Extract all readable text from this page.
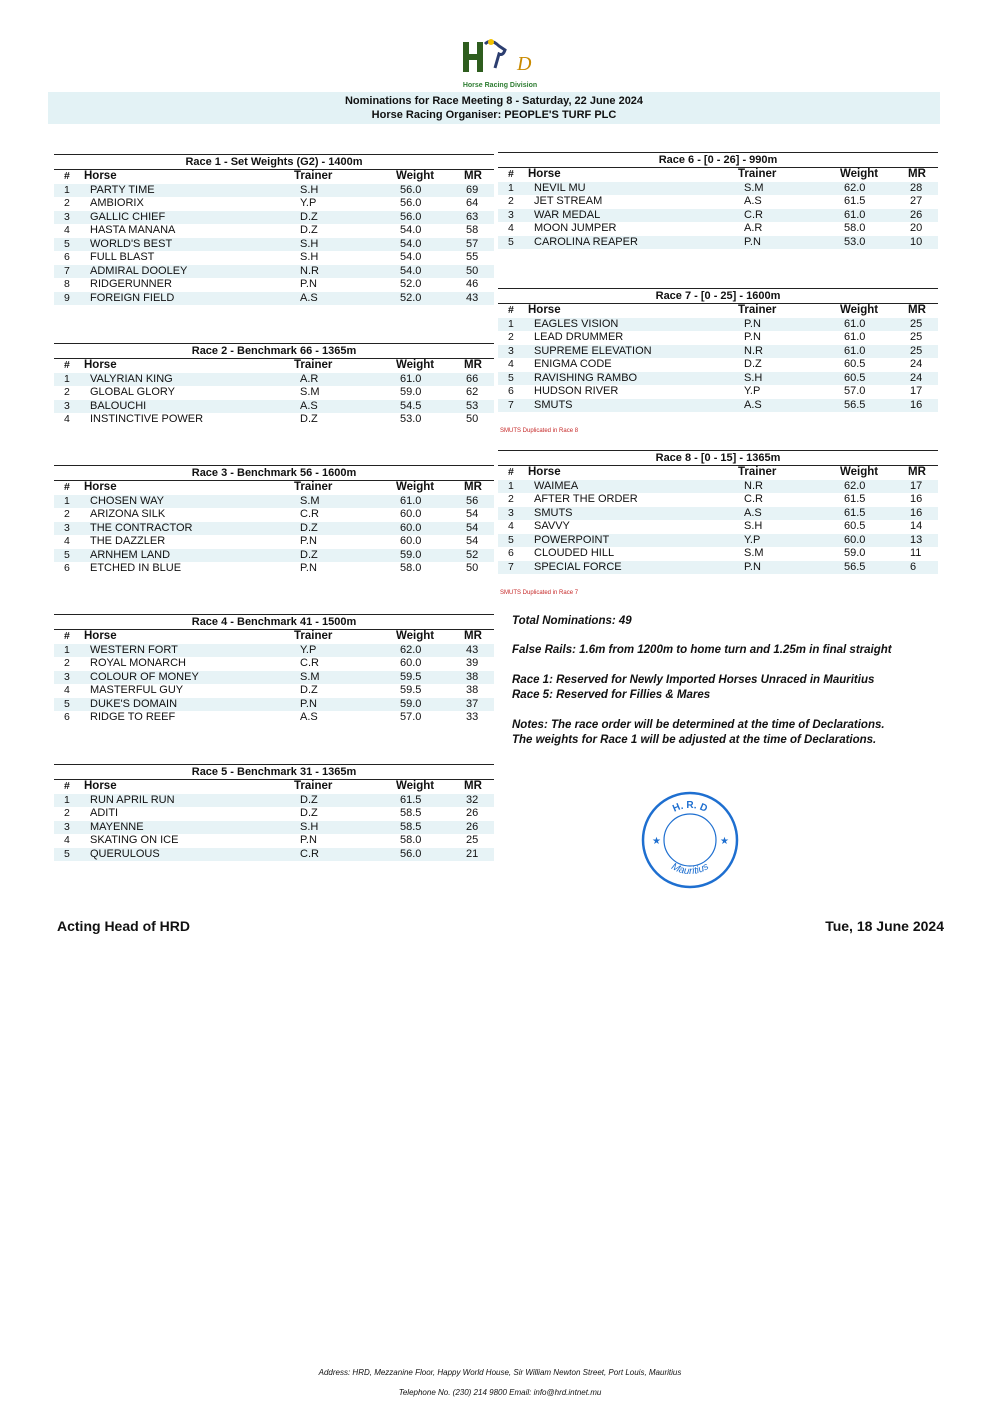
D
Horse Racing Division
Nominations for Race Meeting 8 - Saturday, 22 June 2024
Horse Racing Organiser: PEOPLE'S TURF PLC
Race 1 - Set Weights (G2) - 1400m
# Horse	Trainer	Weight	MR
1 PARTY TIME	S.H	56.0	69
2 AMBIORIX	Y.P	56.0	64
3 GALLIC CHIEF	D.Z	56.0	63
4 HASTA MANANA	D.Z	54.0	58
5 WORLD'S BEST	S.H	54.0	57
6 FULL BLAST	S.H	54.0	55
7 ADMIRAL DOOLEY	N.R	54.0	50
8 RIDGERUNNER	P.N	52.0	46
9 FOREIGN FIELD	A.S	52.0	43
Race 2 - Benchmark 66 - 1365m
# Horse	Trainer	Weight	MR
1 VALYRIAN KING	A.R	61.0	66
2 GLOBAL GLORY	S.M	59.0	62
3 BALOUCHI	A.S	54.5	53
4 INSTINCTIVE POWER	D.Z	53.0	50
Race 3 - Benchmark 56 - 1600m
# Horse	Trainer	Weight	MR
1 CHOSEN WAY	S.M	61.0	56
2 ARIZONA SILK	C.R	60.0	54
3 THE CONTRACTOR	D.Z	60.0	54
4 THE DAZZLER	P.N	60.0	54
5 ARNHEM LAND	D.Z	59.0	52
6 ETCHED IN BLUE	P.N	58.0	50
Race 4 - Benchmark 41 - 1500m
# Horse	Trainer	Weight	MR
1 WESTERN FORT	Y.P	62.0	43
2 ROYAL MONARCH	C.R	60.0	39
3 COLOUR OF MONEY	S.M	59.5	38
4 MASTERFUL GUY	D.Z	59.5	38
5 DUKE'S DOMAIN	P.N	59.0	37
6 RIDGE TO REEF	A.S	57.0	33
Race 5 - Benchmark 31 - 1365m
# Horse	Trainer	Weight	MR
1 RUN APRIL RUN	D.Z	61.5	32
2 ADITI	D.Z	58.5	26
3 MAYENNE	S.H	58.5	26
4 SKATING ON ICE	P.N	58.0	25
5 QUERULOUS	C.R	56.0	21
Race 6 - [0 - 26] - 990m
# Horse	Trainer	Weight	MR
1 NEVIL MU	S.M	62.0	28
2 JET STREAM	A.S	61.5	27
3 WAR MEDAL	C.R	61.0	26
4 MOON JUMPER	A.R	58.0	20
5 CAROLINA REAPER	P.N	53.0	10
Race 7 - [0 - 25] - 1600m
# Horse	Trainer	Weight	MR
1 EAGLES VISION	P.N	61.0	25
2 LEAD DRUMMER	P.N	61.0	25
3 SUPREME ELEVATION	N.R	61.0	25
4 ENIGMA CODE	D.Z	60.5	24
5 RAVISHING RAMBO	S.H	60.5	24
6 HUDSON RIVER	Y.P	57.0	17
7 SMUTS	A.S	56.5	16
Race 8 - [0 - 15] - 1365m
# Horse	Trainer	Weight	MR
1 WAIMEA	N.R	62.0	17
2 AFTER THE ORDER	C.R	61.5	16
3 SMUTS	A.S	61.5	16
4 SAVVY	S.H	60.5	14
5 POWERPOINT	Y.P	60.0	13
6 CLOUDED HILL	S.M	59.0	11
7 SPECIAL FORCE	P.N	56.5	6
SMUTS Duplicated in Race 8
SMUTS Duplicated in Race 7
Total Nominations: 49
False Rails: 1.6m from 1200m to home turn and 1.25m in final straight
Race 1: Reserved for Newly Imported Horses Unraced in Mauritius
Race 5: Reserved for Fillies & Mares
Notes: The race order will be determined at the time of Declarations.
The weights for Race 1 will be adjusted at the time of Declarations.
H. R. D
Mauritius
★	★
Acting Head of HRD	Tue, 18 June 2024
Address: HRD, Mezzanine Floor, Happy World House, Sir William Newton Street, Port Louis, Mauritius
Telephone No. (230) 214 9800 Email: info@hrd.intnet.mu
